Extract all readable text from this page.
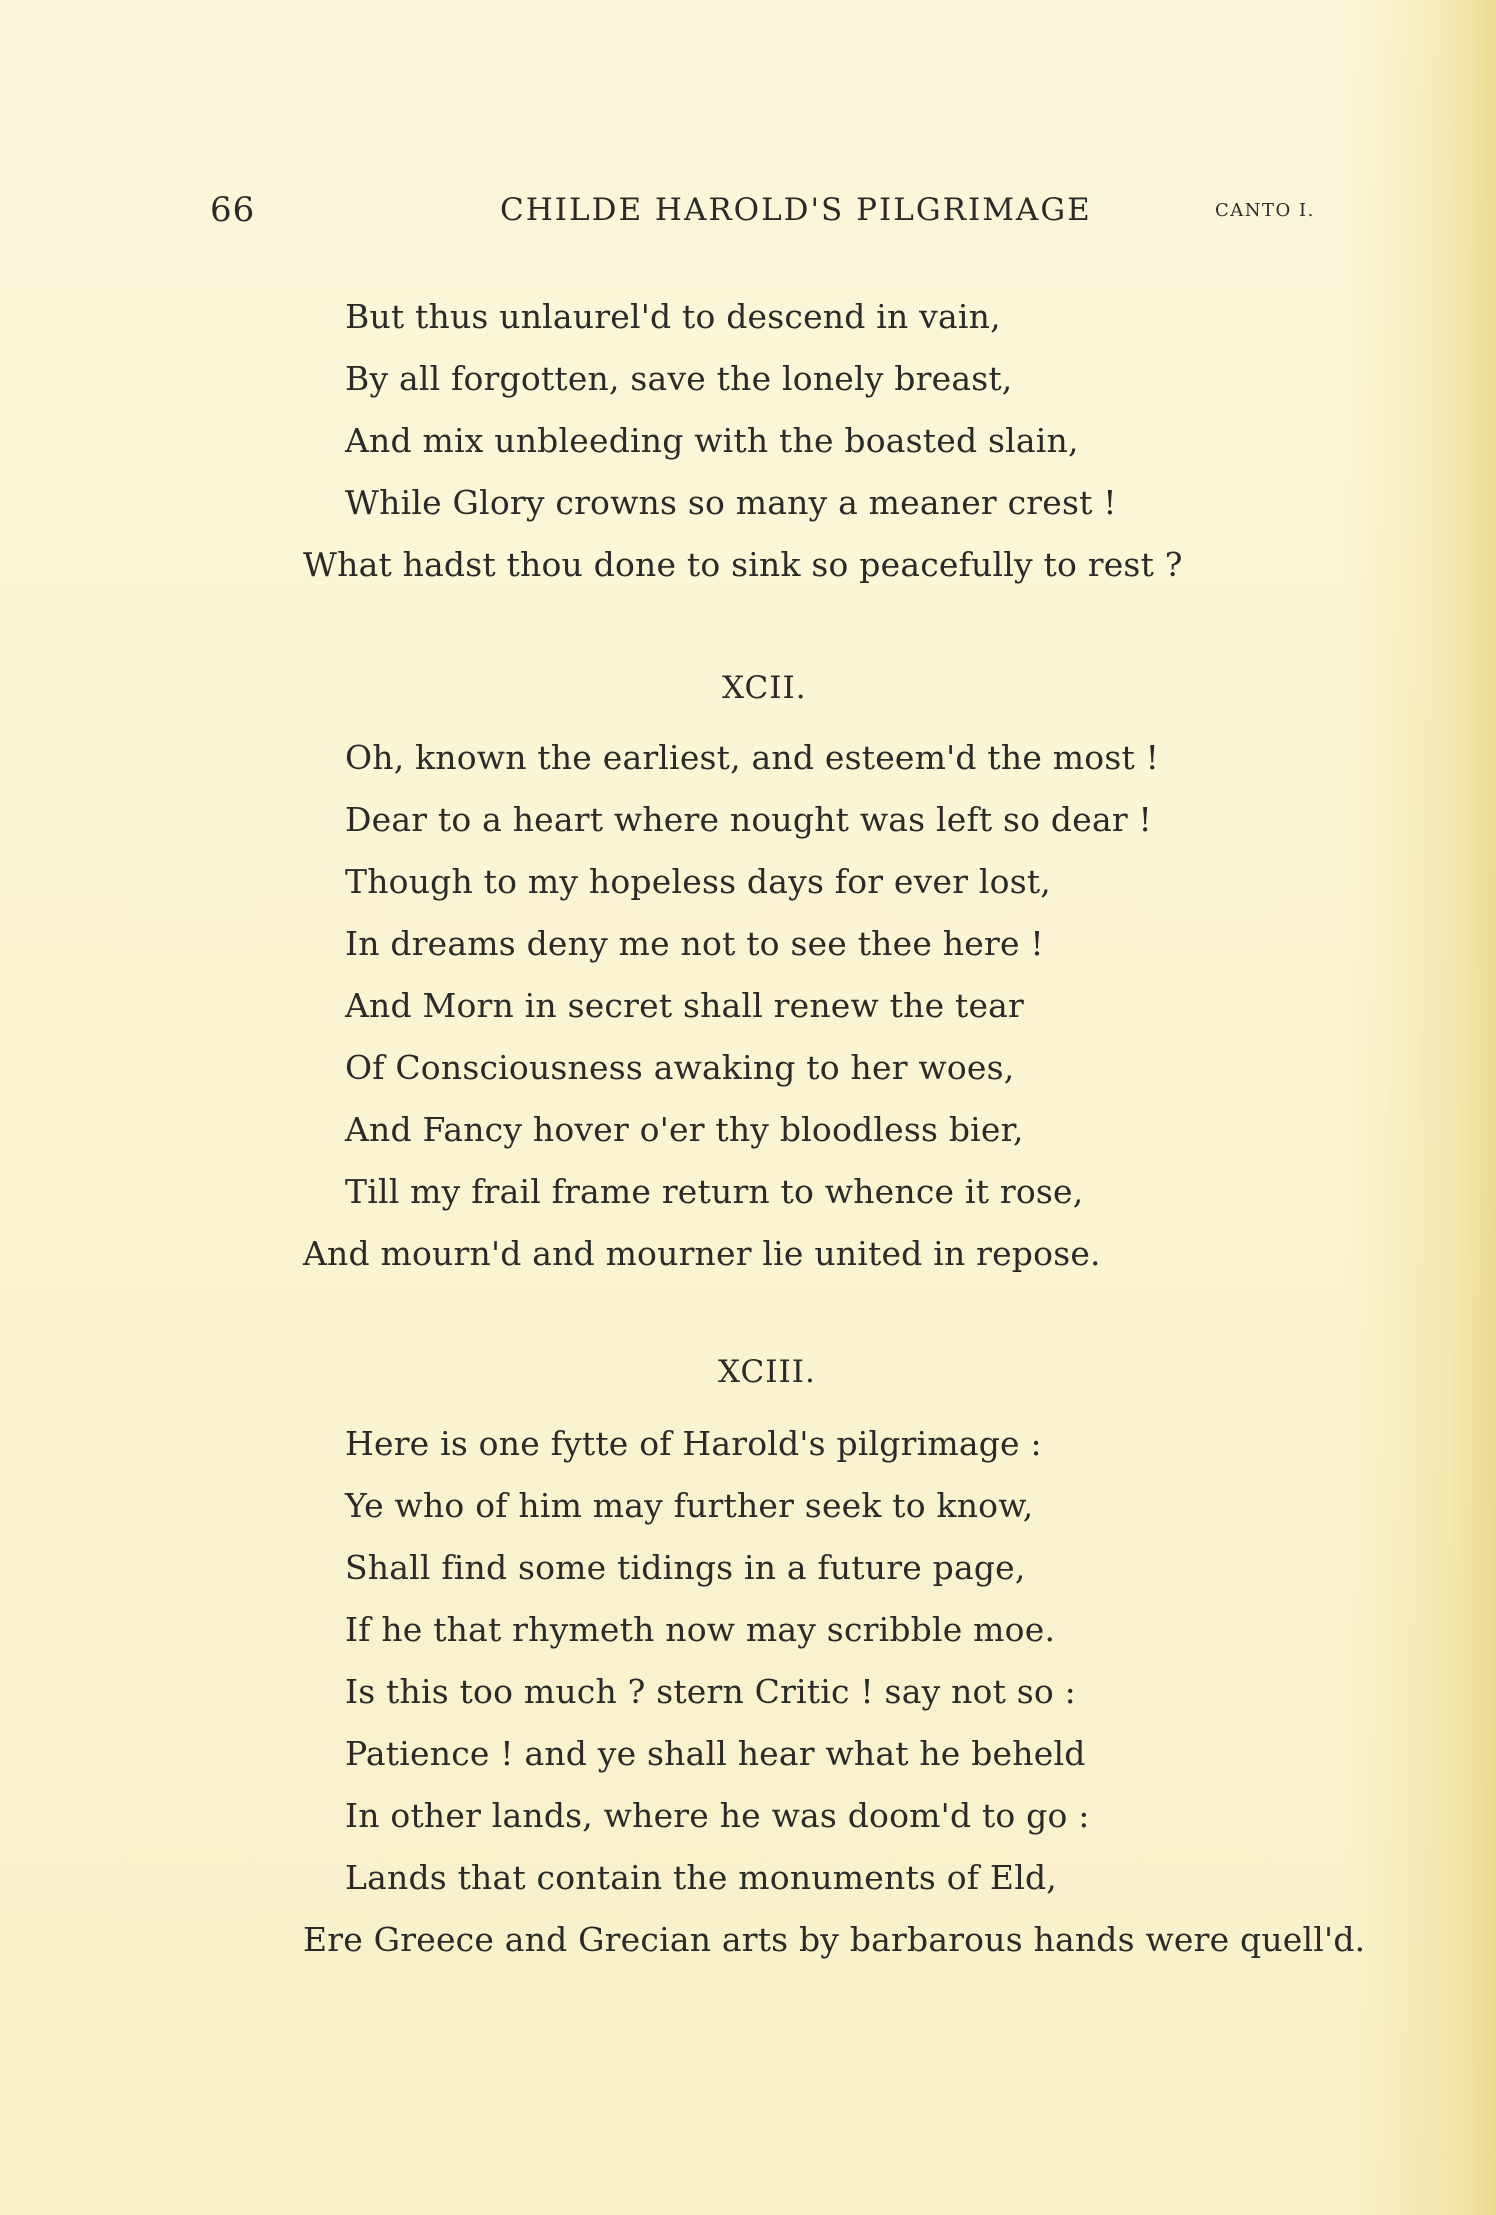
66	CHILDE HAROLD'S PILGRIMAGE	CANTO I.
But thus unlaurel'd to descend in vain,
By all forgotten, save the lonely breast,
And mix unbleeding with the boasted slain,
While Glory crowns so many a meaner crest !
What hadst thou done to sink so peacefully to rest ?
XCII.
Oh, known the earliest, and esteem'd the most !
Dear to a heart where nought was left so dear !
Though to my hopeless days for ever lost,
In dreams deny me not to see thee here !
And Morn in secret shall renew the tear
Of Consciousness awaking to her woes,
And Fancy hover o'er thy bloodless bier,
Till my frail frame return to whence it rose,
And mourn'd and mourner lie united in repose.
XCIII.
Here is one fytte of Harold's pilgrimage :
Ye who of him may further seek to know,
Shall find some tidings in a future page,
If he that rhymeth now may scribble moe.
Is this too much ? stern Critic ! say not so :
Patience ! and ye shall hear what he beheld
In other lands, where he was doom'd to go :
Lands that contain the monuments of Eld,
Ere Greece and Grecian arts by barbarous hands were quell'd.
